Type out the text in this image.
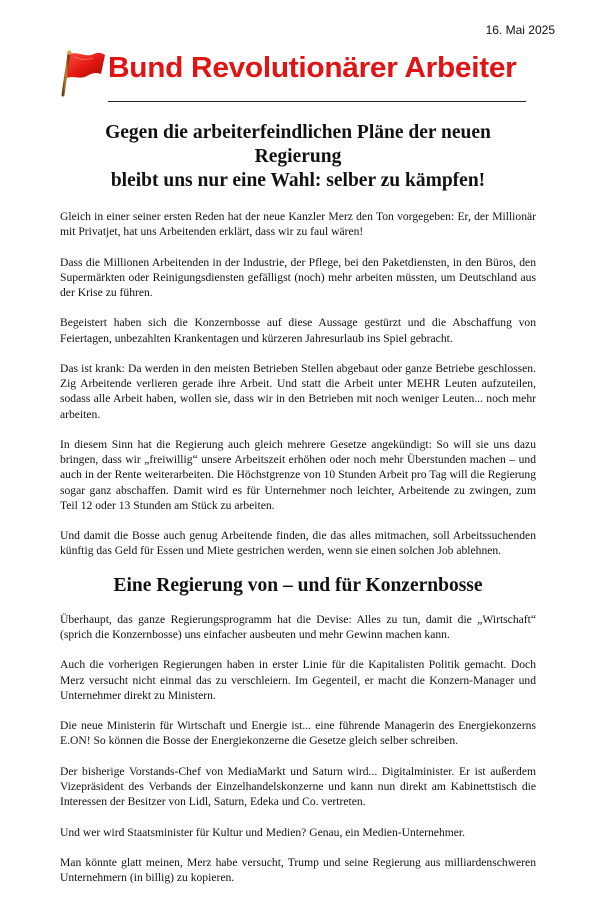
16. Mai 2025
Bund Revolutionärer Arbeiter
Gegen die arbeiterfeindlichen Pläne der neuen Regierung
bleibt uns nur eine Wahl: selber zu kämpfen!

Gleich in einer seiner ersten Reden hat der neue Kanzler Merz den Ton vorgegeben: Er, der Millionär mit Privatjet, hat uns Arbeitenden erklärt, dass wir zu faul wären!

Dass die Millionen Arbeitenden in der Industrie, der Pflege, bei den Paketdiensten, in den Büros, den Supermärkten oder Reinigungsdiensten gefälligst (noch) mehr arbeiten müssten, um Deutschland aus der Krise zu führen.

Begeistert haben sich die Konzernbosse auf diese Aussage gestürzt und die Abschaffung von Feiertagen, unbezahlten Krankentagen und kürzeren Jahresurlaub ins Spiel gebracht.

Das ist krank: Da werden in den meisten Betrieben Stellen abgebaut oder ganze Betriebe geschlossen. Zig Arbeitende verlieren gerade ihre Arbeit. Und statt die Arbeit unter MEHR Leuten aufzuteilen, sodass alle Arbeit haben, wollen sie, dass wir in den Betrieben mit noch weniger Leuten... noch mehr arbeiten.

In diesem Sinn hat die Regierung auch gleich mehrere Gesetze angekündigt: So will sie uns dazu bringen, dass wir „freiwillig“ unsere Arbeitszeit erhöhen oder noch mehr Überstunden machen – und auch in der Rente weiterarbeiten. Die Höchstgrenze von 10 Stunden Arbeit pro Tag will die Regierung sogar ganz abschaffen. Damit wird es für Unternehmer noch leichter, Arbeitende zu zwingen, zum Teil 12 oder 13 Stunden am Stück zu arbeiten.

Und damit die Bosse auch genug Arbeitende finden, die das alles mitmachen, soll Arbeitssuchenden künftig das Geld für Essen und Miete gestrichen werden, wenn sie einen solchen Job ablehnen.

Eine Regierung von – und für Konzernbosse

Überhaupt, das ganze Regierungsprogramm hat die Devise: Alles zu tun, damit die „Wirtschaft“ (sprich die Konzernbosse) uns einfacher ausbeuten und mehr Gewinn machen kann.

Auch die vorherigen Regierungen haben in erster Linie für die Kapitalisten Politik gemacht. Doch Merz versucht nicht einmal das zu verschleiern. Im Gegenteil, er macht die Konzern-Manager und Unternehmer direkt zu Ministern.

Die neue Ministerin für Wirtschaft und Energie ist... eine führende Managerin des Energiekonzerns E.ON! So können die Bosse der Energiekonzerne die Gesetze gleich selber schreiben.

Der bisherige Vorstands-Chef von MediaMarkt und Saturn wird... Digitalminister. Er ist außerdem Vizepräsident des Verbands der Einzelhandelskonzerne und kann nun direkt am Kabinettstisch die Interessen der Besitzer von Lidl, Saturn, Edeka und Co. vertreten.

Und wer wird Staatsminister für Kultur und Medien? Genau, ein Medien-Unternehmer.

Man könnte glatt meinen, Merz habe versucht, Trump und seine Regierung aus milliardenschweren Unternehmern (in billig) zu kopieren.
